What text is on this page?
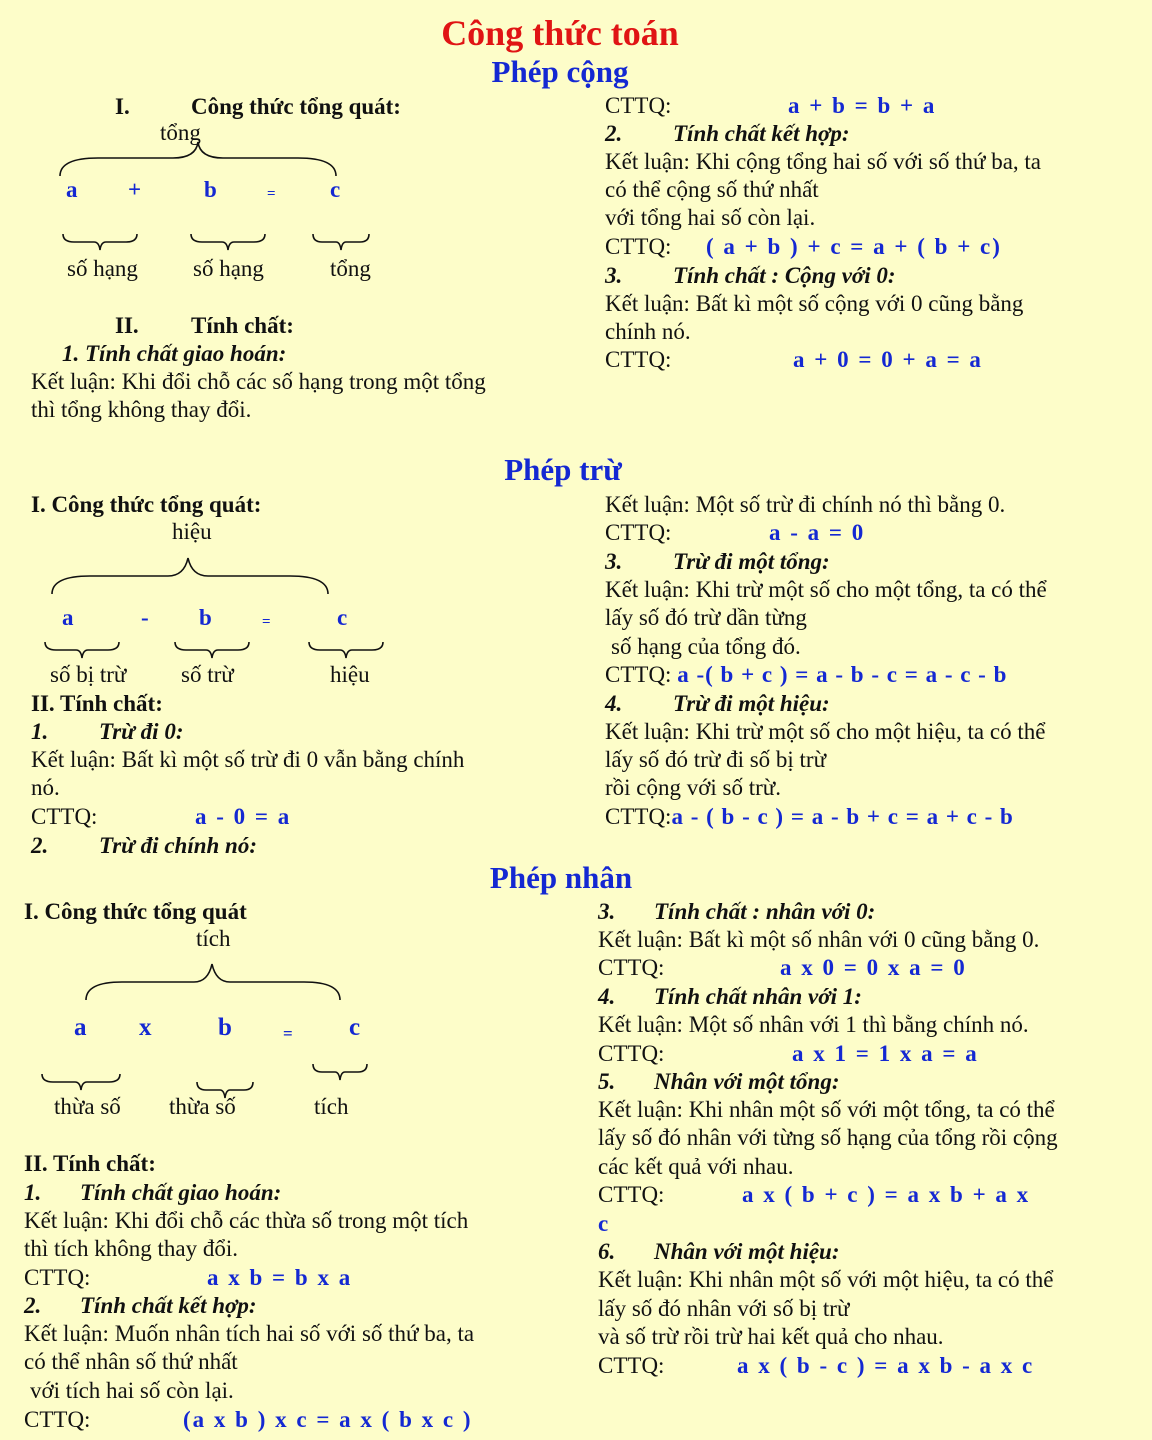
Công thức toán
Phép cộng
I.	Công thức tổng quát:
tổng
a +	b	= c
số hạng số hạng	tổng
II. Tính chất:
1. Tính chất giao hoán:
Kết luận: Khi đổi chỗ các số hạng trong một tổng
thì tổng không thay đổi.
CTTQ:	a + b = b + a
2. Tính chất kết hợp:
Kết luận: Khi cộng tổng hai số với số thứ ba, ta
có thể cộng số thứ nhất
với tổng hai số còn lại.
CTTQ: ( a + b ) + c = a + ( b + c)
3. Tính chất : Cộng với 0:
Kết luận: Bất kì một số cộng với 0 cũng bằng
chính nó.
CTTQ:	a + 0 = 0 + a = a
Phép trừ
I. Công thức tổng quát:
hiệu
a	- b	=	c
số bị trừ số trừ	hiệu
II. Tính chất:
1. Trừ đi 0:
Kết luận: Bất kì một số trừ đi 0 vẫn bằng chính
nó.
CTTQ:	a - 0 = a
2. Trừ đi chính nó:
Kết luận: Một số trừ đi chính nó thì bằng 0.
CTTQ:	a - a = 0
3. Trừ đi một tổng:
Kết luận: Khi trừ một số cho một tổng, ta có thể
lấy số đó trừ dần từng
số hạng của tổng đó.
CTTQ: a -( b + c ) = a - b - c = a - c - b
4. Trừ đi một hiệu:
Kết luận: Khi trừ một số cho một hiệu, ta có thể
lấy số đó trừ đi số bị trừ
rồi cộng với số trừ.
CTTQ:a - ( b - c ) = a - b + c = a + c - b
Phép nhân
I. Công thức tổng quát
tích
a x	b	= c
thừa số thừa số	tích
II. Tính chất:
1. Tính chất giao hoán:
Kết luận: Khi đổi chỗ các thừa số trong một tích
thì tích không thay đổi.
CTTQ:	a x b = b x a
2. Tính chất kết hợp:
Kết luận: Muốn nhân tích hai số với số thứ ba, ta
có thể nhân số thứ nhất
với tích hai số còn lại.
CTTQ:	(a x b ) x c = a x ( b x c )
3. Tính chất : nhân với 0:
Kết luận: Bất kì một số nhân với 0 cũng bằng 0.
CTTQ:	a x 0 = 0 x a = 0
4. Tính chất nhân với 1:
Kết luận: Một số nhân với 1 thì bằng chính nó.
CTTQ:	a x 1 = 1 x a = a
5. Nhân với một tổng:
Kết luận: Khi nhân một số với một tổng, ta có thể
lấy số đó nhân với từng số hạng của tổng rồi cộng
các kết quả với nhau.
CTTQ:	a x ( b + c ) = a x b + a x
c
6. Nhân với một hiệu:
Kết luận: Khi nhân một số với một hiệu, ta có thể
lấy số đó nhân với số bị trừ
và số trừ rồi trừ hai kết quả cho nhau.
CTTQ:	a x ( b - c ) = a x b - a x c
